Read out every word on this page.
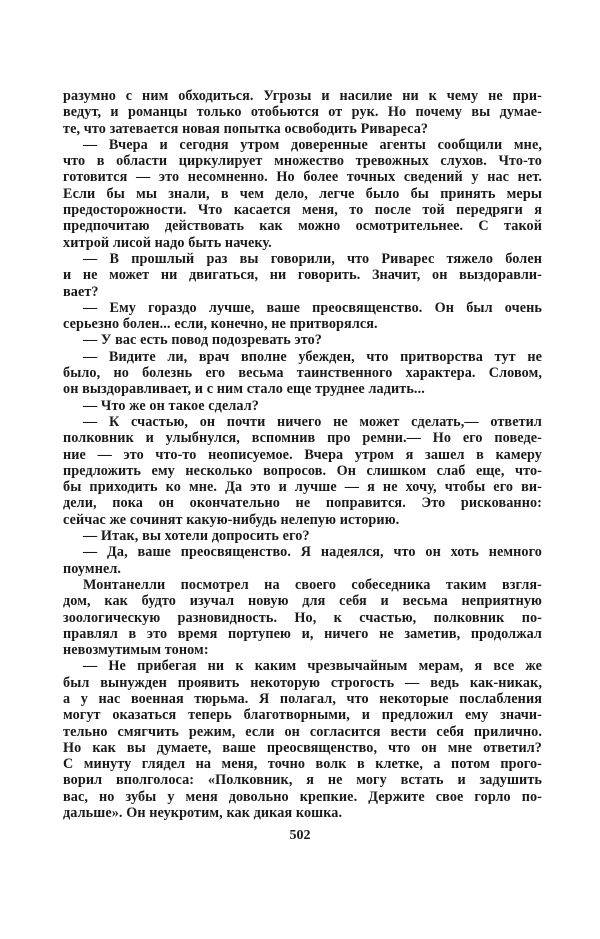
разумно с ним обходиться. Угрозы и насилие ни к чему не при-
ведут, и романцы только отобьются от рук. Но почему вы думае-
те, что затевается новая попытка освободить Ривареса?
— Вчера и сегодня утром доверенные агенты сообщили мне,
что в области циркулирует множество тревожных слухов. Что-то
готовится — это несомненно. Но более точных сведений у нас нет.
Если бы мы знали, в чем дело, легче было бы принять меры
предосторожности. Что касается меня, то после той передряги я
предпочитаю действовать как можно осмотрительнее. С такой
хитрой лисой надо быть начеку.
— В прошлый раз вы говорили, что Риварес тяжело болен
и не может ни двигаться, ни говорить. Значит, он выздоравли-
вает?
— Ему гораздо лучше, ваше преосвященство. Он был очень
серьезно болен... если, конечно, не притворялся.
— У вас есть повод подозревать это?
— Видите ли, врач вполне убежден, что притворства тут не
было, но болезнь его весьма таинственного характера. Словом,
он выздоравливает, и с ним стало еще труднее ладить...
— Что же он такое сделал?
— К счастью, он почти ничего не может сделать,— ответил
полковник и улыбнулся, вспомнив про ремни.— Но его поведе-
ние — это что-то неописуемое. Вчера утром я зашел в камеру
предложить ему несколько вопросов. Он слишком слаб еще, что-
бы приходить ко мне. Да это и лучше — я не хочу, чтобы его ви-
дели, пока он окончательно не поправится. Это рискованно:
сейчас же сочинят какую-нибудь нелепую историю.
— Итак, вы хотели допросить его?
— Да, ваше преосвященство. Я надеялся, что он хоть немного
поумнел.
Монтанелли посмотрел на своего собеседника таким взгля-
дом, как будто изучал новую для себя и весьма неприятную
зоологическую разновидность. Но, к счастью, полковник по-
правлял в это время портупею и, ничего не заметив, продолжал
невозмутимым тоном:
— Не прибегая ни к каким чрезвычайным мерам, я все же
был вынужден проявить некоторую строгость — ведь как-никак,
а у нас военная тюрьма. Я полагал, что некоторые послабления
могут оказаться теперь благотворными, и предложил ему значи-
тельно смягчить режим, если он согласится вести себя прилично.
Но как вы думаете, ваше преосвященство, что он мне ответил?
С минуту глядел на меня, точно волк в клетке, а потом прого-
ворил вполголоса: «Полковник, я не могу встать и задушить
вас, но зубы у меня довольно крепкие. Держите свое горло по-
дальше». Он неукротим, как дикая кошка.
502
